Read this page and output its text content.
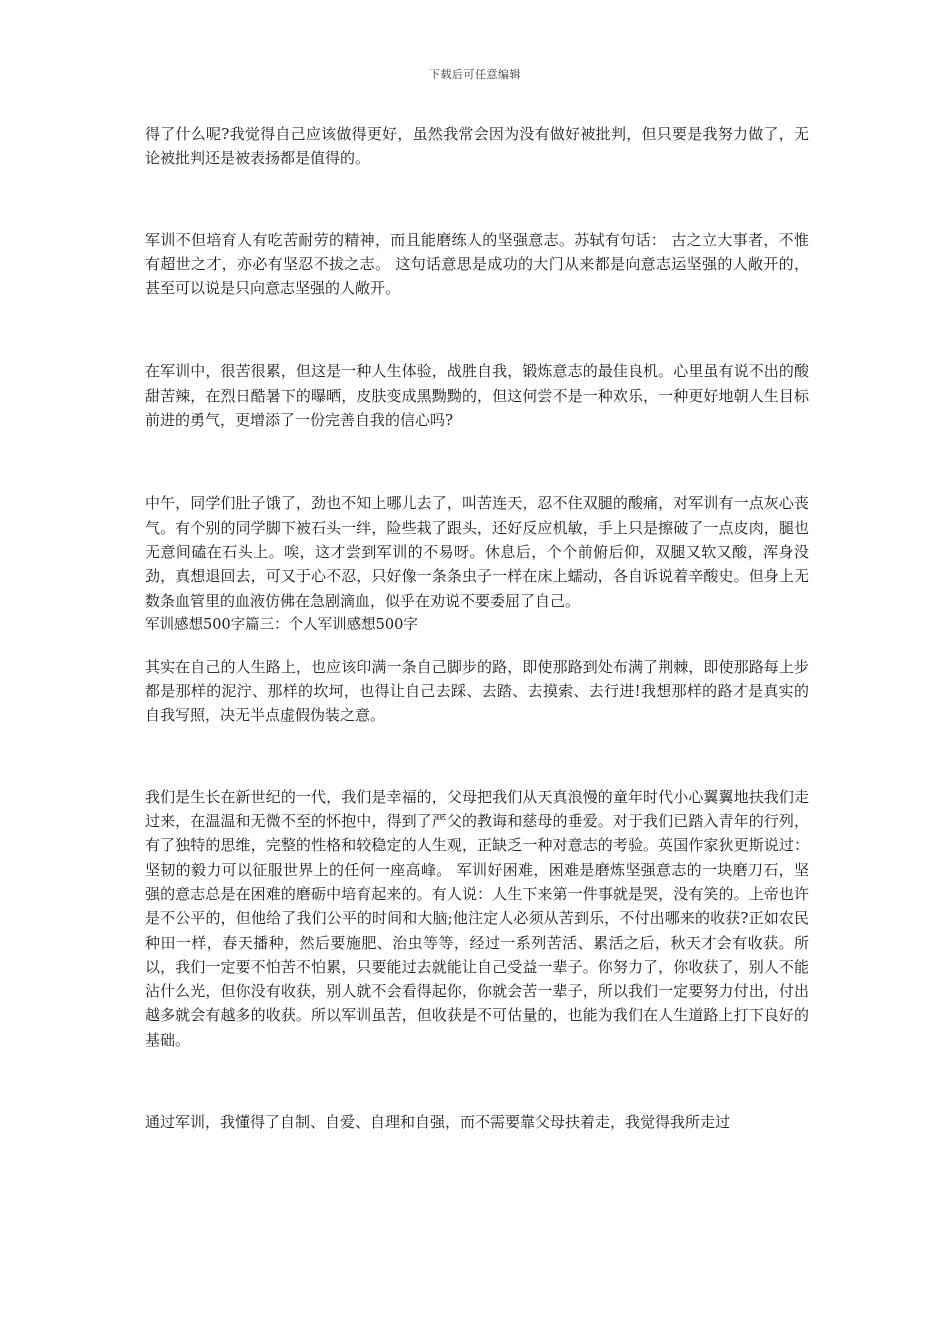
下载后可任意编辑

得了什么呢?我觉得自己应该做得更好，虽然我常会因为没有做好被批判，但只要是我努力做了，无论被批判还是被表扬都是值得的。

军训不但培育人有吃苦耐劳的精神，而且能磨练人的坚强意志。苏轼有句话： 古之立大事者，不惟有超世之才，亦必有坚忍不拔之志。 这句话意思是成功的大门从来都是向意志运坚强的人敞开的，甚至可以说是只向意志坚强的人敞开。

在军训中，很苦很累，但这是一种人生体验，战胜自我，锻炼意志的最佳良机。心里虽有说不出的酸甜苦辣，在烈日酷暑下的曝晒，皮肤变成黑黝黝的，但这何尝不是一种欢乐，一种更好地朝人生目标前进的勇气，更增添了一份完善自我的信心吗?

中午，同学们肚子饿了，劲也不知上哪儿去了，叫苦连天，忍不住双腿的酸痛，对军训有一点灰心丧气。有个别的同学脚下被石头一绊，险些栽了跟头，还好反应机敏，手上只是擦破了一点皮肉，腿也无意间磕在石头上。唉，这才尝到军训的不易呀。休息后，个个前俯后仰，双腿又软又酸，浑身没劲，真想退回去，可又于心不忍，只好像一条条虫子一样在床上蠕动，各自诉说着辛酸史。但身上无数条血管里的血液仿佛在急剧滴血，似乎在劝说不要委屈了自己。

军训感想500字篇三：个人军训感想500字

其实在自己的人生路上，也应该印满一条自己脚步的路，即使那路到处布满了荆棘，即使那路每上步都是那样的泥泞、那样的坎坷，也得让自己去踩、去踏、去摸索、去行进!我想那样的路才是真实的自我写照，决无半点虚假伪装之意。

我们是生长在新世纪的一代，我们是幸福的，父母把我们从天真浪慢的童年时代小心翼翼地扶我们走过来，在温温和无微不至的怀抱中，得到了严父的教诲和慈母的垂爱。对于我们已踏入青年的行列，有了独特的思维，完整的性格和较稳定的人生观，正缺乏一种对意志的考验。英国作家狄更斯说过： 坚韧的毅力可以征服世界上的任何一座高峰。 军训好困难，困难是磨炼坚强意志的一块磨刀石，坚强的意志总是在困难的磨砺中培育起来的。有人说：人生下来第一件事就是哭，没有笑的。上帝也许是不公平的，但他给了我们公平的时间和大脑;他注定人必须从苦到乐，不付出哪来的收获?正如农民种田一样，春天播种，然后要施肥、治虫等等，经过一系列苦活、累活之后，秋天才会有收获。所以，我们一定要不怕苦不怕累，只要能过去就能让自己受益一辈子。你努力了，你收获了，别人不能沾什么光，但你没有收获，别人就不会看得起你，你就会苦一辈子，所以我们一定要努力付出，付出越多就会有越多的收获。所以军训虽苦，但收获是不可估量的，也能为我们在人生道路上打下良好的基础。

通过军训，我懂得了自制、自爱、自理和自强，而不需要靠父母扶着走，我觉得我所走过
